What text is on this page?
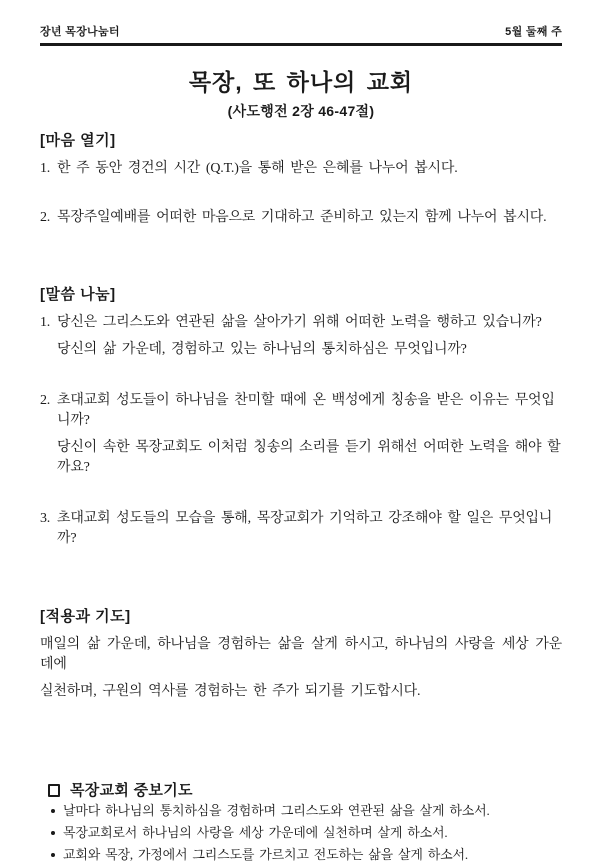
장년 목장나눔터	5월 둘째 주
목장, 또 하나의 교회
(사도행전 2장 46-47절)
[마음 열기]
1. 한 주 동안 경건의 시간 (Q.T.)을 통해 받은 은혜를 나누어 봅시다.
2. 목장주일예배를 어떠한 마음으로 기대하고 준비하고 있는지 함께 나누어 봅시다.
[말씀 나눔]
1. 당신은 그리스도와 연관된 삶을 살아가기 위해 어떠한 노력을 행하고 있습니까?
당신의 삶 가운데, 경험하고 있는 하나님의 통치하심은 무엇입니까?
2. 초대교회 성도들이 하나님을 찬미할 때에 온 백성에게 칭송을 받은 이유는 무엇입니까?
당신이 속한 목장교회도 이처럼 칭송의 소리를 듣기 위해선 어떠한 노력을 해야 할까요?
3. 초대교회 성도들의 모습을 통해, 목장교회가 기억하고 강조해야 할 일은 무엇입니까?
[적용과 기도]
매일의 삶 가운데, 하나님을 경험하는 삶을 살게 하시고, 하나님의 사랑을 세상 가운데에
실천하며, 구원의 역사를 경험하는 한 주가 되기를 기도합시다.
목장교회 중보기도
날마다 하나님의 통치하심을 경험하며 그리스도와 연관된 삶을 살게 하소서.
목장교회로서 하나님의 사랑을 세상 가운데에 실천하며 살게 하소서.
교회와 목장, 가정에서 그리스도를 가르치고 전도하는 삶을 살게 하소서.
